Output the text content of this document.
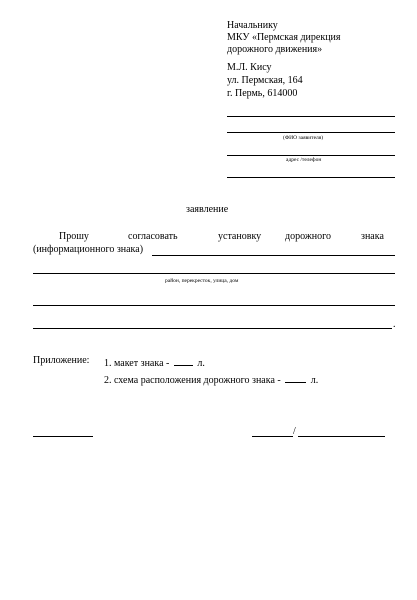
Начальнику
МКУ «Пермская дирекция
дорожного движения»
М.Л. Кису
ул. Пермская, 164
г. Пермь, 614000
(ФИО заявителя)
адрес /телефон
заявление
Прошу	согласовать	установку дорожного	знака
(информационного знака)
район, перекресток, улица, дом
.
Приложение: 1. макет знака -	л.
2. схема расположения дорожного знака -	л.
/
